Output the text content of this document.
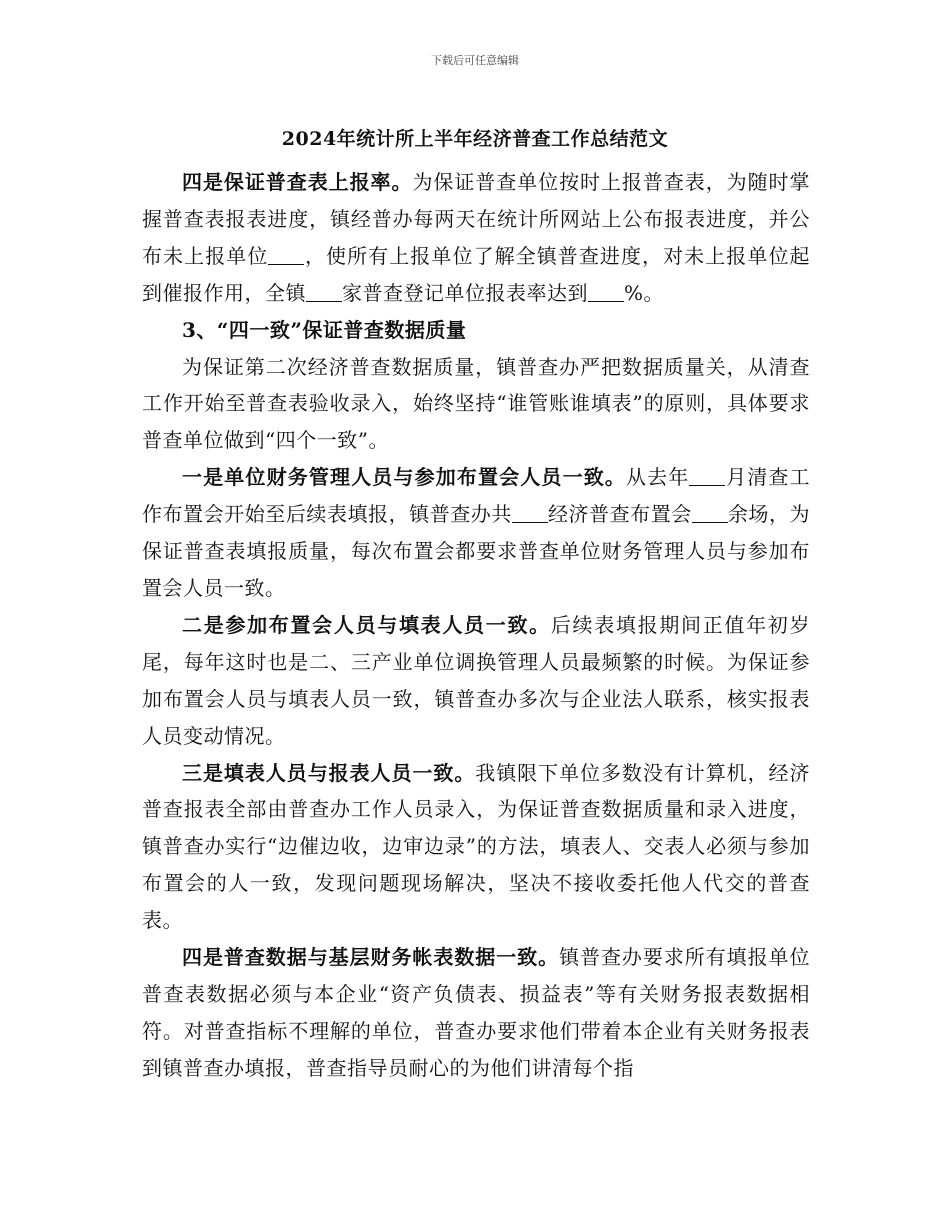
下载后可任意编辑
2024年统计所上半年经济普查工作总结范文

四是保证普查表上报率。为保证普查单位按时上报普查表，为随时掌握普查表报表进度，镇经普办每两天在统计所网站上公布报表进度，并公布未上报单位 ，使所有上报单位了解全镇普查进度，对未上报单位起到催报作用，全镇 家普查登记单位报表率达到 %。

3、“四一致”保证普查数据质量

为保证第二次经济普查数据质量，镇普查办严把数据质量关，从清查工作开始至普查表验收录入，始终坚持“谁管账谁填表”的原则，具体要求普查单位做到“四个一致”。

一是单位财务管理人员与参加布置会人员一致。从去年 月清查工作布置会开始至后续表填报，镇普查办共 经济普查布置会 余场，为保证普查表填报质量，每次布置会都要求普查单位财务管理人员与参加布置会人员一致。

二是参加布置会人员与填表人员一致。后续表填报期间正值年初岁尾，每年这时也是二、三产业单位调换管理人员最频繁的时候。为保证参加布置会人员与填表人员一致，镇普查办多次与企业法人联系，核实报表人员变动情况。

三是填表人员与报表人员一致。我镇限下单位多数没有计算机，经济普查报表全部由普查办工作人员录入，为保证普查数据质量和录入进度，镇普查办实行“边催边收，边审边录”的方法，填表人、交表人必须与参加布置会的人一致，发现问题现场解决，坚决不接收委托他人代交的普查表。

四是普查数据与基层财务帐表数据一致。镇普查办要求所有填报单位普查表数据必须与本企业“资产负债表、损益表”等有关财务报表数据相符。对普查指标不理解的单位，普查办要求他们带着本企业有关财务报表到镇普查办填报，普查指导员耐心的为他们讲清每个指
